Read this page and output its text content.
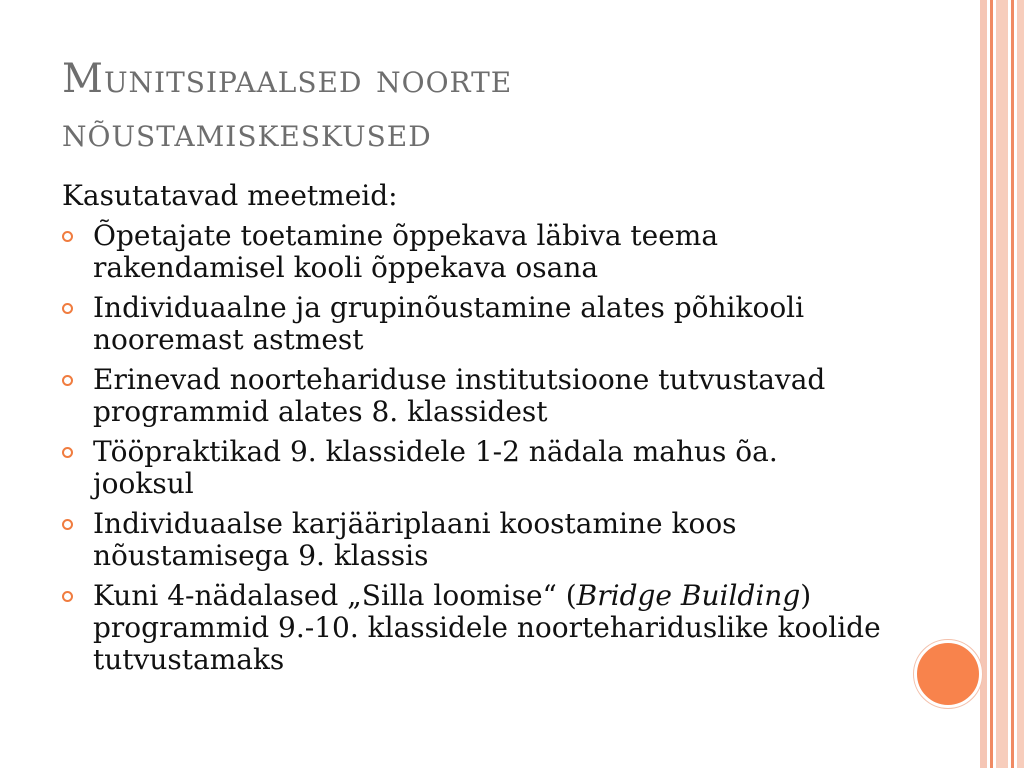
Munitsipaalsed noorte
nõustamiskeskused
Kasutatavad meetmeid:
Õpetajate toetamine õppekava läbiva teema rakendamisel kooli õppekava osana
Individuaalne ja grupinõustamine alates põhikooli nooremast astmest
Erinevad noortehariduse institutsioone tutvustavad programmid alates 8. klassidest
Tööpraktikad 9. klassidele 1-2 nädala mahus õa. jooksul
Individuaalse karjääriplaani koostamine koos nõustamisega 9. klassis
Kuni 4-nädalased „Silla loomise“ (Bridge Building) programmid 9.-10. klassidele noortehariduslike koolide tutvustamaks
